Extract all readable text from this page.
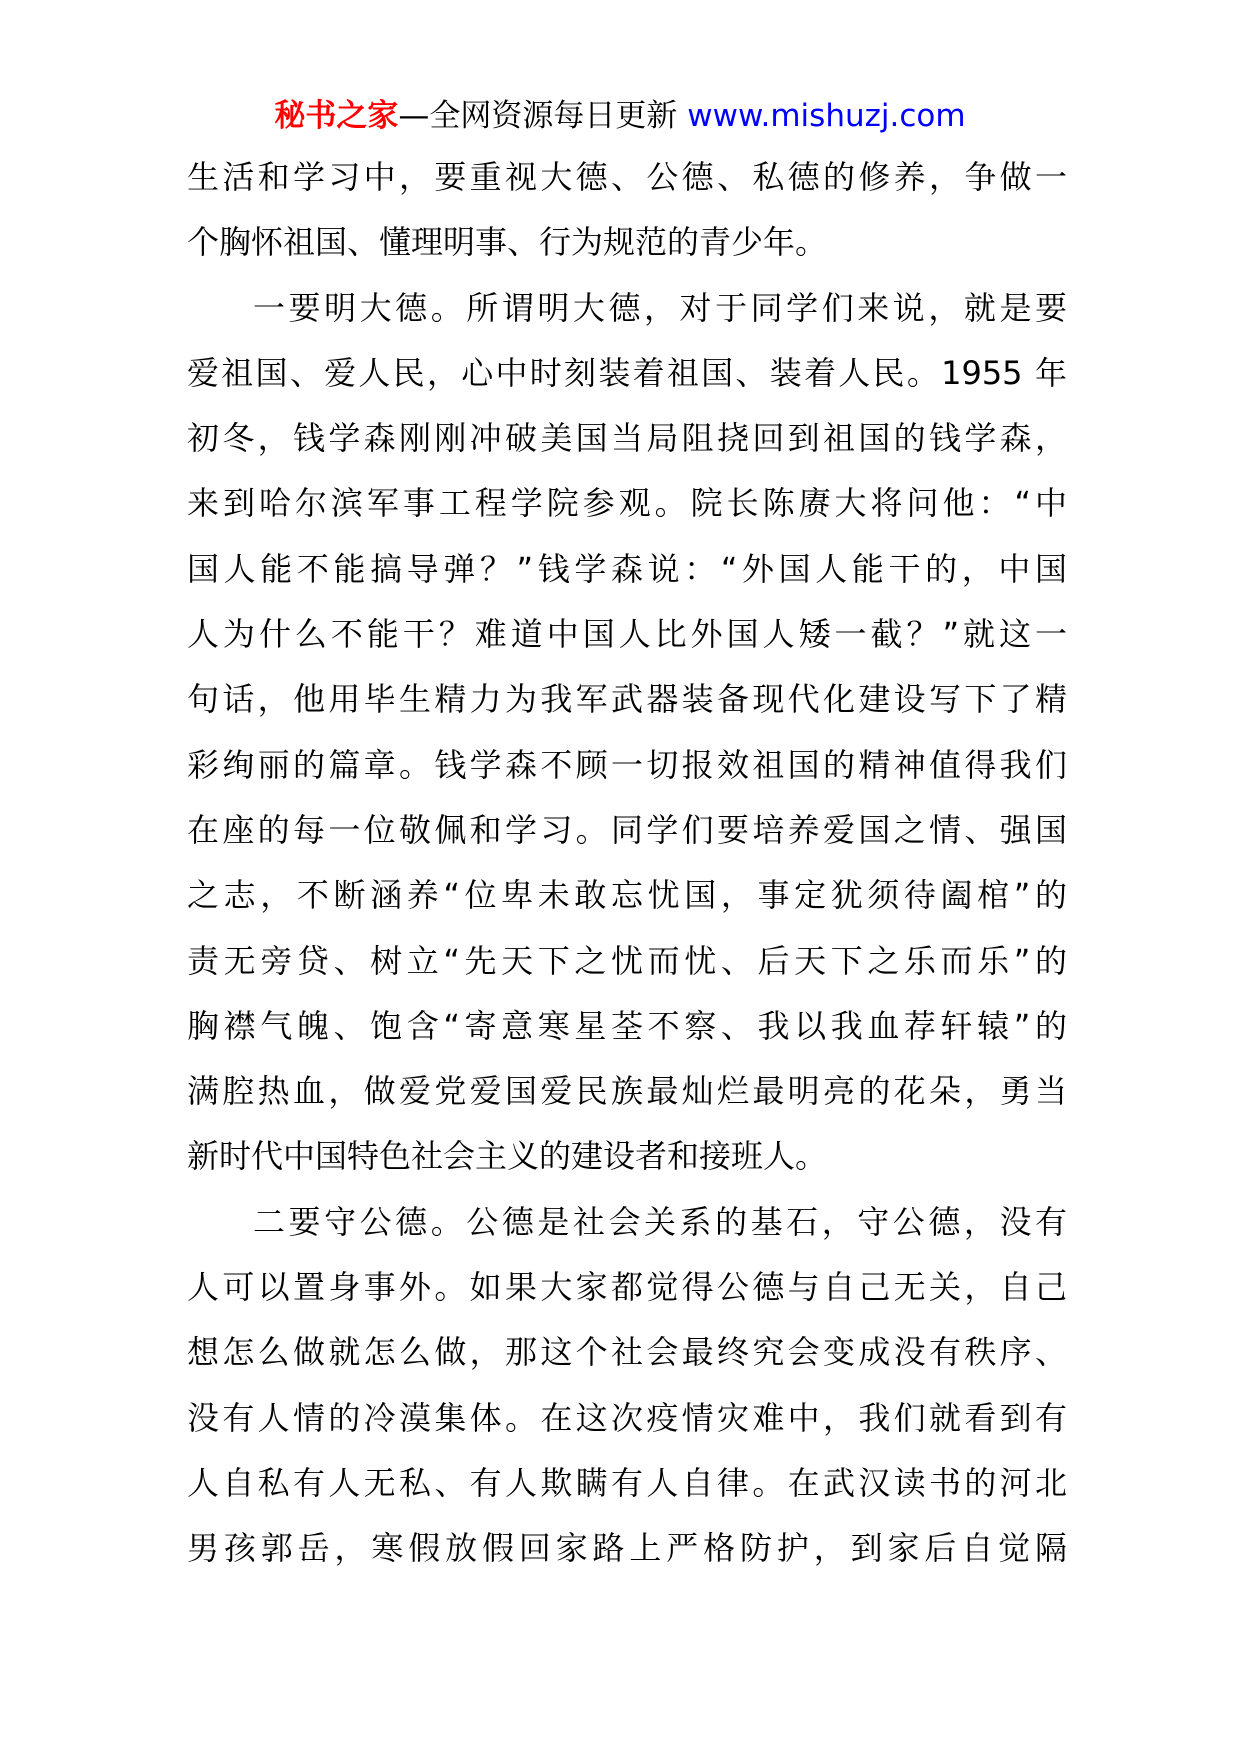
秘书之家—全网资源每日更新 www.mishuzj.com
生活和学习中，要重视大德、公德、私德的修养，争做一
个胸怀祖国、懂理明事、行为规范的青少年。
一要明大德。所谓明大德，对于同学们来说，就是要
爱祖国、爱人民，心中时刻装着祖国、装着人民。1955 年
初冬，钱学森刚刚冲破美国当局阻挠回到祖国的钱学森，
来到哈尔滨军事工程学院参观。院长陈赓大将问他：“中
国人能不能搞导弹？”钱学森说：“外国人能干的，中国
人为什么不能干？难道中国人比外国人矮一截？”就这一
句话，他用毕生精力为我军武器装备现代化建设写下了精
彩绚丽的篇章。钱学森不顾一切报效祖国的精神值得我们
在座的每一位敬佩和学习。同学们要培养爱国之情、强国
之志，不断涵养“位卑未敢忘忧国，事定犹须待阖棺”的
责无旁贷、树立“先天下之忧而忧、后天下之乐而乐”的
胸襟气魄、饱含“寄意寒星荃不察、我以我血荐轩辕”的
满腔热血，做爱党爱国爱民族最灿烂最明亮的花朵，勇当
新时代中国特色社会主义的建设者和接班人。
二要守公德。公德是社会关系的基石，守公德，没有
人可以置身事外。如果大家都觉得公德与自己无关，自己
想怎么做就怎么做，那这个社会最终究会变成没有秩序、
没有人情的冷漠集体。在这次疫情灾难中，我们就看到有
人自私有人无私、有人欺瞒有人自律。在武汉读书的河北
男孩郭岳，寒假放假回家路上严格防护，到家后自觉隔
